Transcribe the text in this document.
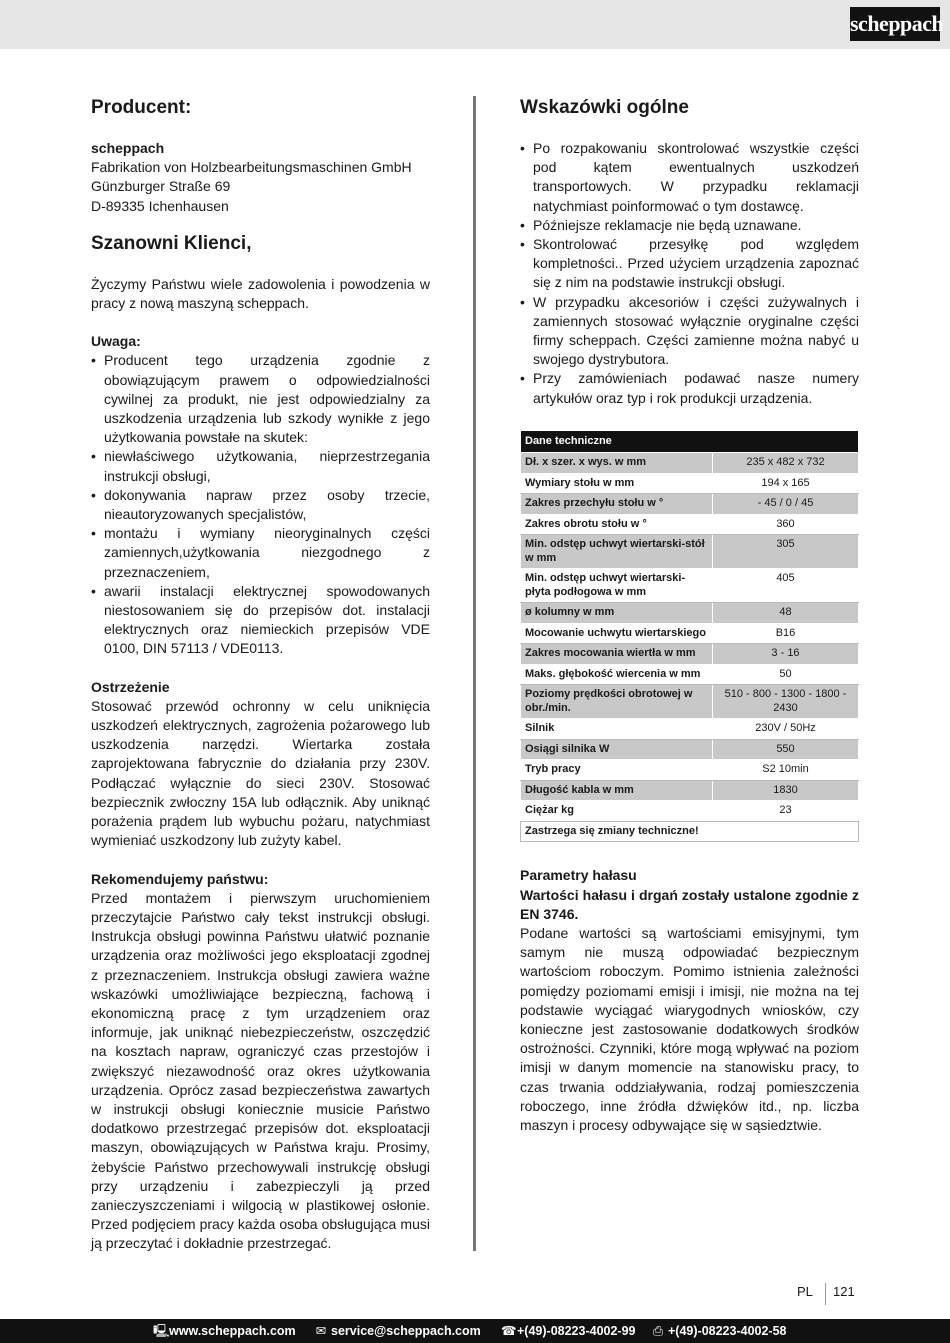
scheppach
Producent:

scheppach

Fabrikation von Holzbearbeitungsmaschinen GmbH

Günzburger Straße 69

D-89335 Ichenhausen

Szanowni Klienci,

Życzymy Państwu wiele zadowolenia i powodzenia w pracy z nową maszyną scheppach.

Uwaga:

• Producent tego urządzenia zgodnie z obowiązującym prawem o odpowiedzialności cywilnej za produkt, nie jest odpowiedzialny za uszkodzenia urządzenia lub szkody wynikłe z jego użytkowania powstałe na skutek:
• niewłaściwego użytkowania, nieprzestrzegania instrukcji obsługi,
• dokonywania napraw przez osoby trzecie, nieautoryzowanych specjalistów,
• montażu i wymiany nieoryginalnych części zamiennych,użytkowania niezgodnego z przeznaczeniem,
• awarii instalacji elektrycznej spowodowanych niestosowaniem się do przepisów dot. instalacji elektrycznych oraz niemieckich przepisów VDE 0100, DIN 57113 / VDE0113.

Ostrzeżenie

Stosować przewód ochronny w celu uniknięcia uszkodzeń elektrycznych, zagrożenia pożarowego lub uszkodzenia narzędzi. Wiertarka została zaprojektowana fabrycznie do działania przy 230V. Podłączać wyłącznie do sieci 230V. Stosować bezpiecznik zwłoczny 15A lub odłącznik. Aby uniknąć porażenia prądem lub wybuchu pożaru, natychmiast wymieniać uszkodzony lub zużyty kabel.

Rekomendujemy państwu:

Przed montażem i pierwszym uruchomieniem przeczytajcie Państwo cały tekst instrukcji obsługi. Instrukcja obsługi powinna Państwu ułatwić poznanie urządzenia oraz możliwości jego eksploatacji zgodnej z przeznaczeniem. Instrukcja obsługi zawiera ważne wskazówki umożliwiające bezpieczną, fachową i ekonomiczną pracę z tym urządzeniem oraz informuje, jak uniknąć niebezpieczeństw, oszczędzić na kosztach napraw, ograniczyć czas przestojów i zwiększyć niezawodność oraz okres użytkowania urządzenia. Oprócz zasad bezpieczeństwa zawartych w instrukcji obsługi koniecznie musicie Państwo dodatkowo przestrzegać przepisów dot. eksploatacji maszyn, obowiązujących w Państwa kraju. Prosimy, żebyście Państwo przechowywali instrukcję obsługi przy urządzeniu i zabezpieczyli ją przed zanieczyszczeniami i wilgocią w plastikowej osłonie. Przed podjęciem pracy każda osoba obsługująca musi ją przeczytać i dokładnie przestrzegać.

Wskazówki ogólne
• Po rozpakowaniu skontrolować wszystkie części pod kątem ewentualnych uszkodzeń transportowych. W przypadku reklamacji natychmiast poinformować o tym dostawcę.
• Późniejsze reklamacje nie będą uznawane.
• Skontrolować przesyłkę pod względem kompletności.. Przed użyciem urządzenia zapoznać się z nim na podstawie instrukcji obsługi.
• W przypadku akcesoriów i części zużywalnych i zamiennych stosować wyłącznie oryginalne części firmy scheppach. Części zamienne można nabyć u swojego dystrybutora.
• Przy zamówieniach podawać nasze numery artykułów oraz typ i rok produkcji urządzenia.
Dane techniczne	
Dł. x szer. x wys. w mm	235 x 482 x 732
Wymiary stołu w mm	194 x 165
Zakres przechyłu stołu w °	- 45 / 0 / 45
Zakres obrotu stołu w °	360
Min. odstęp uchwyt wiertarski-stół w mm	305
Min. odstęp uchwyt wiertarski-płyta podłogowa w mm	405
ø kolumny w mm	48
Mocowanie uchwytu wiertarskiego	B16
Zakres mocowania wiertła w mm	3 - 16
Maks. głębokość wiercenia w mm	50
Poziomy prędkości obrotowej w obr./min.	510 - 800 - 1300 - 1800 - 2430
Silnik	230V / 50Hz
Osiągi silnika W	550
Tryb pracy	S2 10min
Długość kabla w mm	1830
Ciężar kg	23
Zastrzega się zmiany techniczne!	

Parametry hałasu

Wartości hałasu i drgań zostały ustalone zgodnie z EN 3746.

Podane wartości są wartościami emisyjnymi, tym samym nie muszą odpowiadać bezpiecznym wartościom roboczym. Pomimo istnienia zależności pomiędzy poziomami emisji i imisji, nie można na tej podstawie wyciągać wiarygodnych wniosków, czy konieczne jest zastosowanie dodatkowych środków ostrożności. Czynniki, które mogą wpływać na poziom imisji w danym momencie na stanowisku pracy, to czas trwania oddziaływania, rodzaj pomieszczenia roboczego, inne źródła dźwięków itd., np. liczba maszyn i procesy odbywające się w sąsiedztwie.

PL 121
🖳www.scheppach.com ✉ service@scheppach.com ☎+(49)-08223-4002-99 ⎙ +(49)-08223-4002-58
